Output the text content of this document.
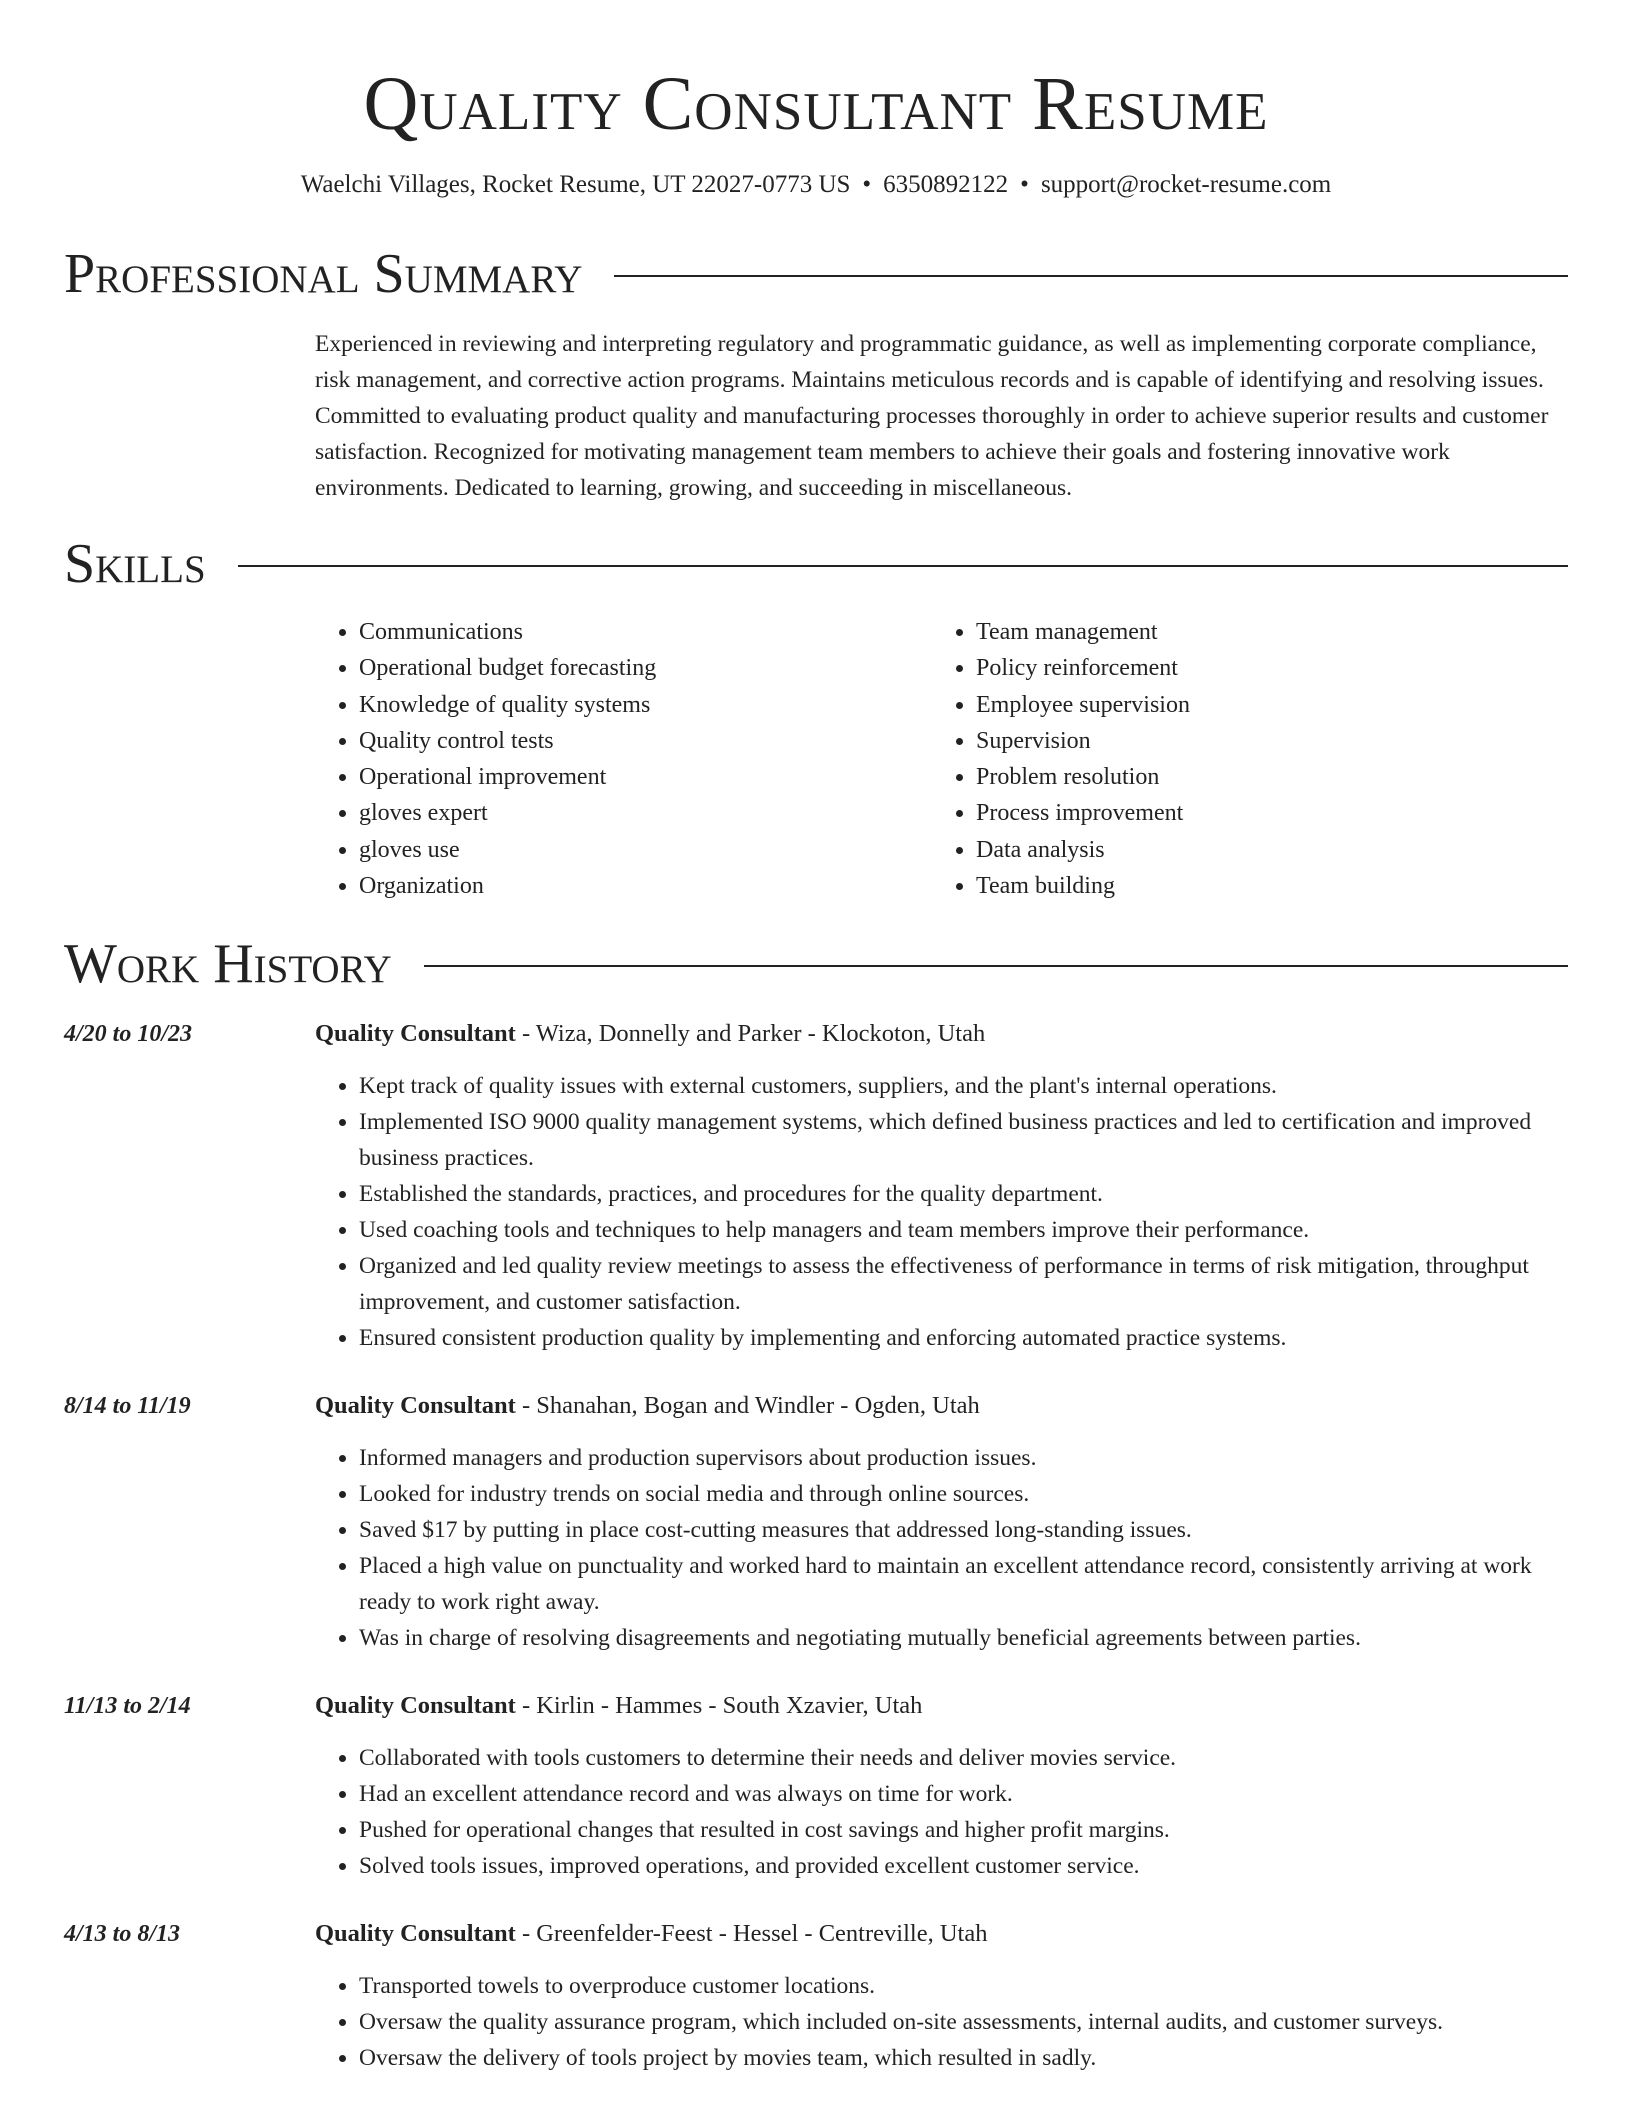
Quality Consultant Resume
Waelchi Villages, Rocket Resume, UT 22027-0773 US • 6350892122 • support@rocket-resume.com
Professional Summary

Experienced in reviewing and interpreting regulatory and programmatic guidance, as well as implementing corporate compliance, risk management, and corrective action programs. Maintains meticulous records and is capable of identifying and resolving issues. Committed to evaluating product quality and manufacturing processes thoroughly in order to achieve superior results and customer satisfaction. Recognized for motivating management team members to achieve their goals and fostering innovative work environments. Dedicated to learning, growing, and succeeding in miscellaneous.

Skills
• Communications
• Operational budget forecasting
• Knowledge of quality systems
• Quality control tests
• Operational improvement
• gloves expert
• gloves use
• Organization
• Team management
• Policy reinforcement
• Employee supervision
• Supervision
• Problem resolution
• Process improvement
• Data analysis
• Team building
Work History
4/20 to 10/23	Quality Consultant - Wiza, Donnelly and Parker - Klockoton, Utah
• Kept track of quality issues with external customers, suppliers, and the plant's internal operations.
• Implemented ISO 9000 quality management systems, which defined business practices and led to certification and improved business practices.
• Established the standards, practices, and procedures for the quality department.
• Used coaching tools and techniques to help managers and team members improve their performance.
• Organized and led quality review meetings to assess the effectiveness of performance in terms of risk mitigation, throughput improvement, and customer satisfaction.
• Ensured consistent production quality by implementing and enforcing automated practice systems.
8/14 to 11/19	Quality Consultant - Shanahan, Bogan and Windler - Ogden, Utah
• Informed managers and production supervisors about production issues.
• Looked for industry trends on social media and through online sources.
• Saved $17 by putting in place cost-cutting measures that addressed long-standing issues.
• Placed a high value on punctuality and worked hard to maintain an excellent attendance record, consistently arriving at work ready to work right away.
• Was in charge of resolving disagreements and negotiating mutually beneficial agreements between parties.
11/13 to 2/14	Quality Consultant - Kirlin - Hammes - South Xzavier, Utah
• Collaborated with tools customers to determine their needs and deliver movies service.
• Had an excellent attendance record and was always on time for work.
• Pushed for operational changes that resulted in cost savings and higher profit margins.
• Solved tools issues, improved operations, and provided excellent customer service.
4/13 to 8/13	Quality Consultant - Greenfelder-Feest - Hessel - Centreville, Utah
• Transported towels to overproduce customer locations.
• Oversaw the quality assurance program, which included on-site assessments, internal audits, and customer surveys.
• Oversaw the delivery of tools project by movies team, which resulted in sadly.
